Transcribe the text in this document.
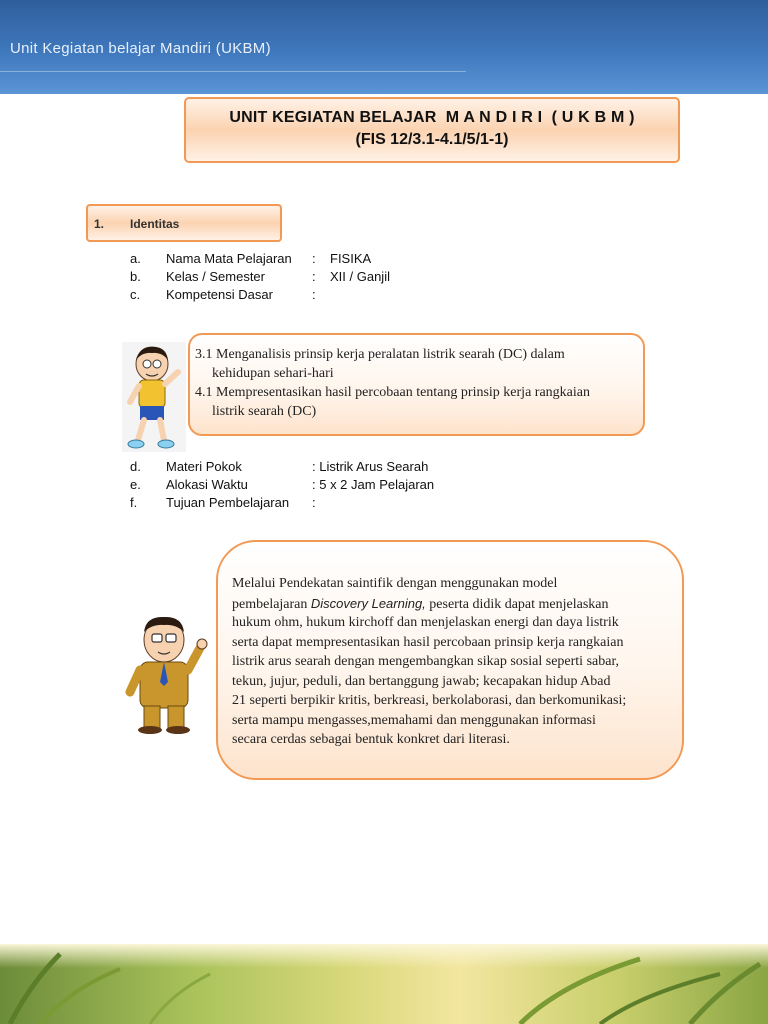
Unit Kegiatan belajar Mandiri (UKBM)
UNIT KEGIATAN BELAJAR  M A N D I R I  ( U K B M )
(FIS 12/3.1-4.1/5/1-1)
1. Identitas
a. Nama Mata Pelajaran : FISIKA
b. Kelas / Semester	: XII / Ganjil
c. Kompetensi Dasar	:
3.1 Menganalisis prinsip kerja peralatan listrik searah (DC) dalam
kehidupan sehari-hari
4.1 Mempresentasikan hasil percobaan tentang prinsip kerja rangkaian
listrik searah (DC)
d. Materi Pokok	: Listrik Arus Searah
e. Alokasi Waktu	: 5 x 2 Jam Pelajaran
f. Tujuan Pembelajaran :
Melalui Pendekatan saintifik dengan menggunakan model
pembelajaran Discovery Learning, peserta didik dapat menjelaskan
hukum ohm, hukum kirchoff dan menjelaskan energi dan daya listrik
serta dapat mempresentasikan hasil percobaan prinsip kerja rangkaian
listrik arus searah dengan mengembangkan sikap sosial seperti sabar,
tekun, jujur, peduli, dan bertanggung jawab; kecapakan hidup Abad
21 seperti berpikir kritis, berkreasi, berkolaborasi, dan berkomunikasi;
serta mampu mengasses,memahami dan menggunakan informasi
secara cerdas sebagai bentuk konkret dari literasi.
